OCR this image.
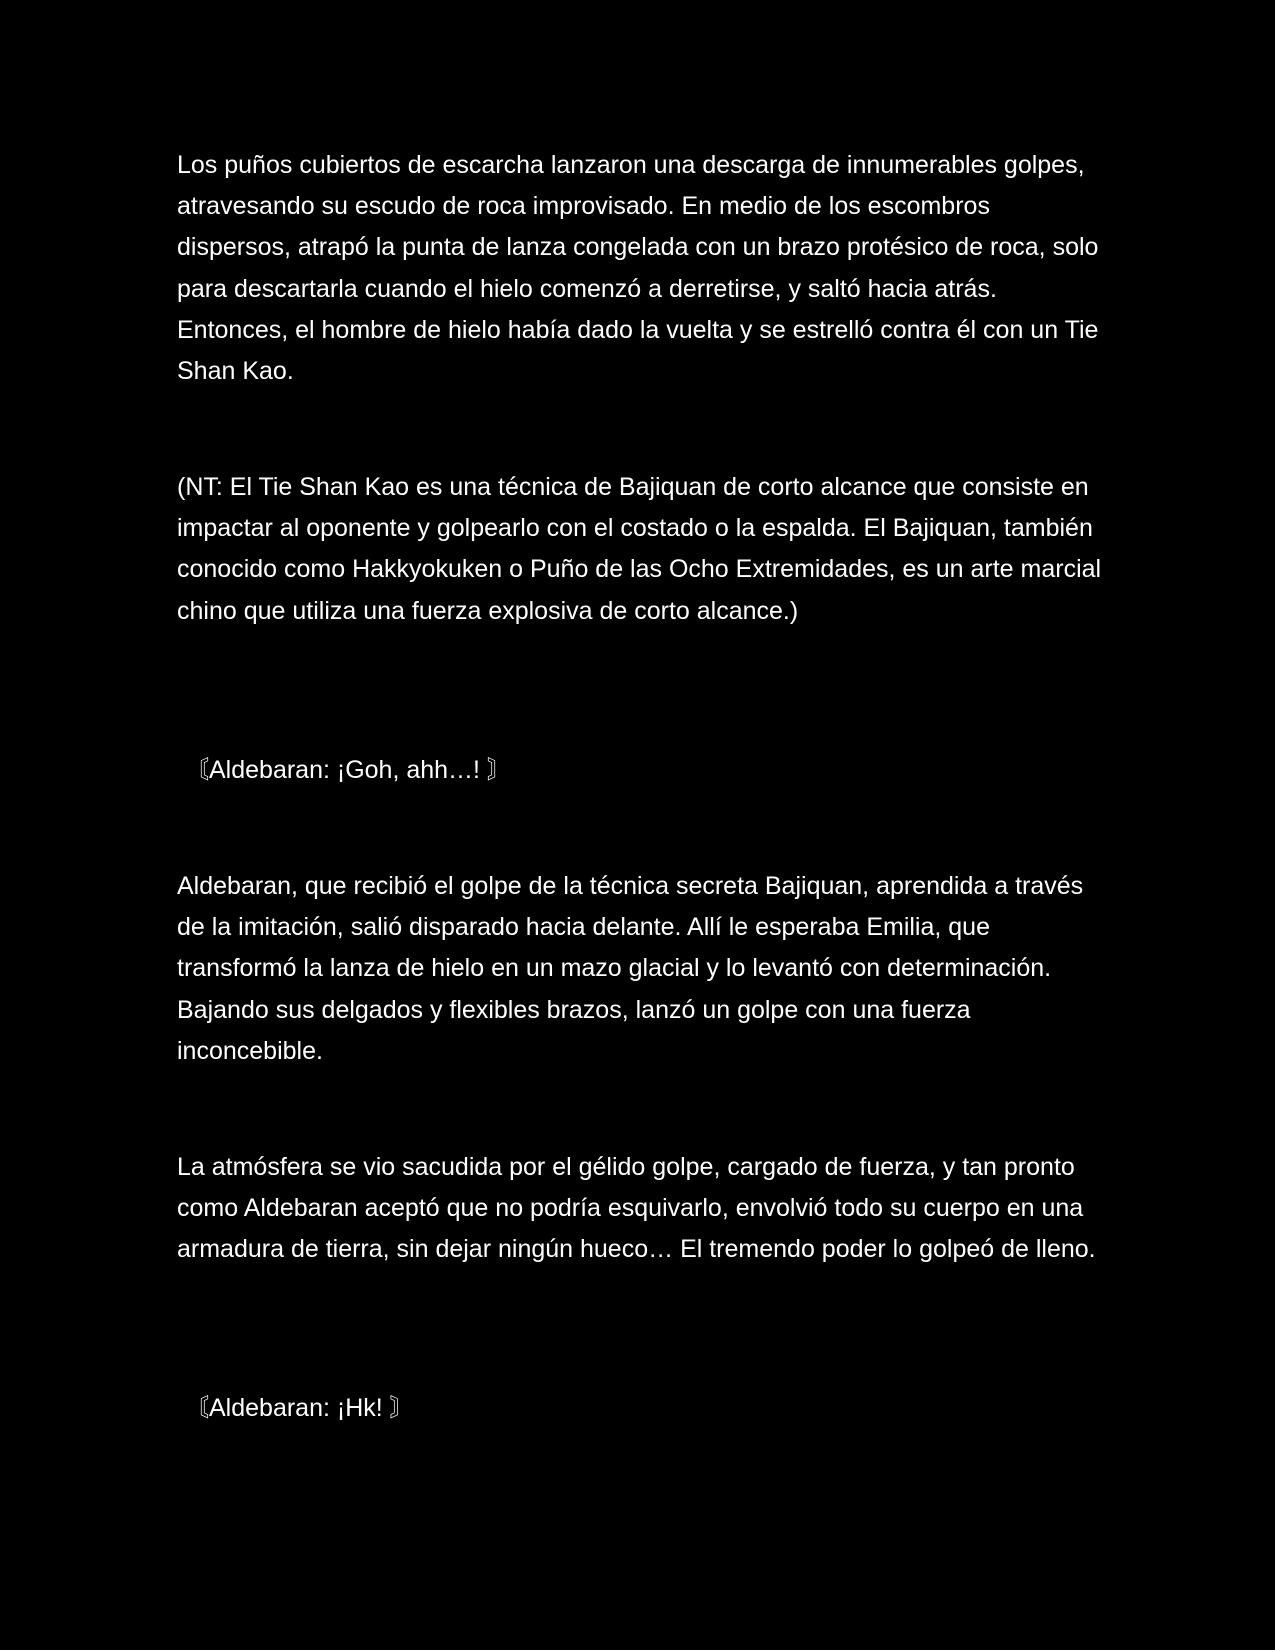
Los puños cubiertos de escarcha lanzaron una descarga de innumerables golpes, atravesando su escudo de roca improvisado. En medio de los escombros dispersos, atrapó la punta de lanza congelada con un brazo protésico de roca, solo para descartarla cuando el hielo comenzó a derretirse, y saltó hacia atrás. Entonces, el hombre de hielo había dado la vuelta y se estrelló contra él con un Tie Shan Kao.

(NT: El Tie Shan Kao es una técnica de Bajiquan de corto alcance que consiste en impactar al oponente y golpearlo con el costado o la espalda. El Bajiquan, también conocido como Hakkyokuken o Puño de las Ocho Extremidades, es un arte marcial chino que utiliza una fuerza explosiva de corto alcance.)

〘Aldebaran: ¡Goh, ahh…! 〙

Aldebaran, que recibió el golpe de la técnica secreta Bajiquan, aprendida a través de la imitación, salió disparado hacia delante. Allí le esperaba Emilia, que transformó la lanza de hielo en un mazo glacial y lo levantó con determinación. Bajando sus delgados y flexibles brazos, lanzó un golpe con una fuerza inconcebible.

La atmósfera se vio sacudida por el gélido golpe, cargado de fuerza, y tan pronto como Aldebaran aceptó que no podría esquivarlo, envolvió todo su cuerpo en una armadura de tierra, sin dejar ningún hueco… El tremendo poder lo golpeó de lleno.

〘Aldebaran: ¡Hk! 〙
